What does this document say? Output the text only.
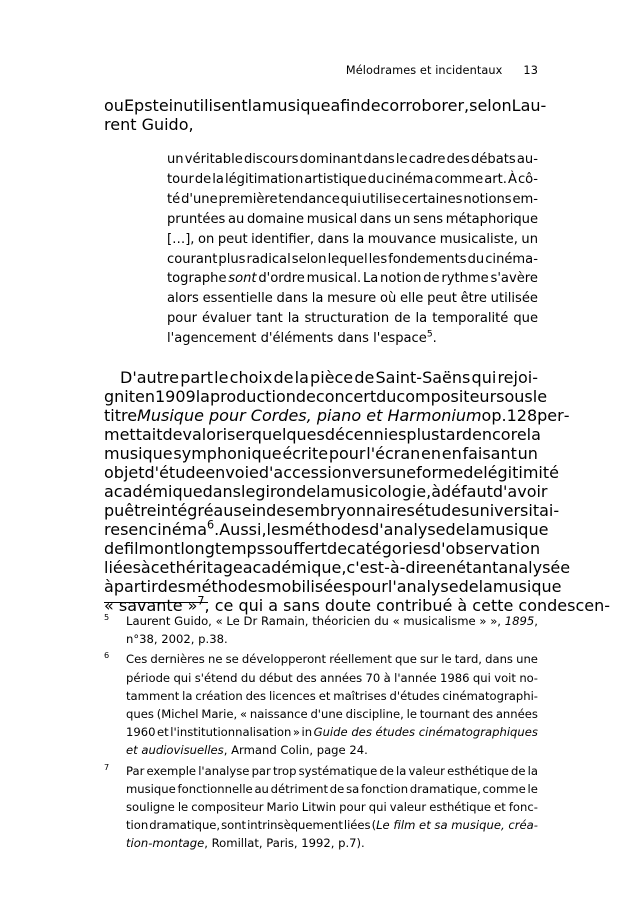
Mélodrames et incidentaux 13
ou Epstein utilisent la musique afin de corroborer, selon Lau‑
rent Guido,
un véritable discours dominant dans le cadre des débats au‑
tour de la légitimation artistique du cinéma comme art. À cô‑
té d'une première tendance qui utilise certaines notions em‑
pruntées au domaine musical dans un sens métaphorique
[…], on peut identifier, dans la mouvance musicaliste, un
courant plus radical selon lequel les fondements du cinéma‑
tographe sont d'ordre musical. La notion de rythme s'avère
alors essentielle dans la mesure où elle peut être utilisée
pour évaluer tant la structuration de la temporalité que
l'agencement d'éléments dans l'espace$^5$.
 D'autre part le choix de la pièce de Saint‑Saëns qui rejoi‑
gnit en 1909 la production de concert du compositeur sous le
titre Musique pour Cordes, piano et Harmonium op. 128 per‑
mettait de valoriser quelques décennies plus tard encore la
musique symphonique écrite pour l'écran en en faisant un
objet d'étude en voie d'accession vers une forme de légitimité
académique dans le giron de la musicologie, à défaut d'avoir
pu être intégré au sein des embryonnaires études universitai‑
res en cinéma$^6$. Aussi, les méthodes d'analyse de la musique
de film ont longtemps souffert de catégories d'observation
liées à cet héritage académique, c'est‑à‑dire en étant analysée
à partir des méthodes mobilisées pour l'analyse de la musique
« savante »$^7$, ce qui a sans doute contribué à cette condescen‑
$^5$	Laurent Guido, « Le Dr Ramain, théoricien du « musicalisme » », 1895,
n°38, 2002, p.38.
$^6$	Ces dernières ne se développeront réellement que sur le tard, dans une
période qui s'étend du début des années 70 à l'année 1986 qui voit no‑
tamment la création des licences et maîtrises d'études cinématographi‑
ques (Michel Marie, « naissance d'une discipline, le tournant des années
1960 et l'institutionnalisation » in Guide des études cinématographiques
et audiovisuelles, Armand Colin, page 24.
$^7$	Par exemple l'analyse par trop systématique de la valeur esthétique de la
musique fonctionnelle au détriment de sa fonction dramatique, comme le
souligne le compositeur Mario Litwin pour qui valeur esthétique et fonc‑
tion dramatique, sont intrinsèquement liées (Le film et sa musique, créa‑
tion‑montage, Romillat, Paris, 1992, p.7).
